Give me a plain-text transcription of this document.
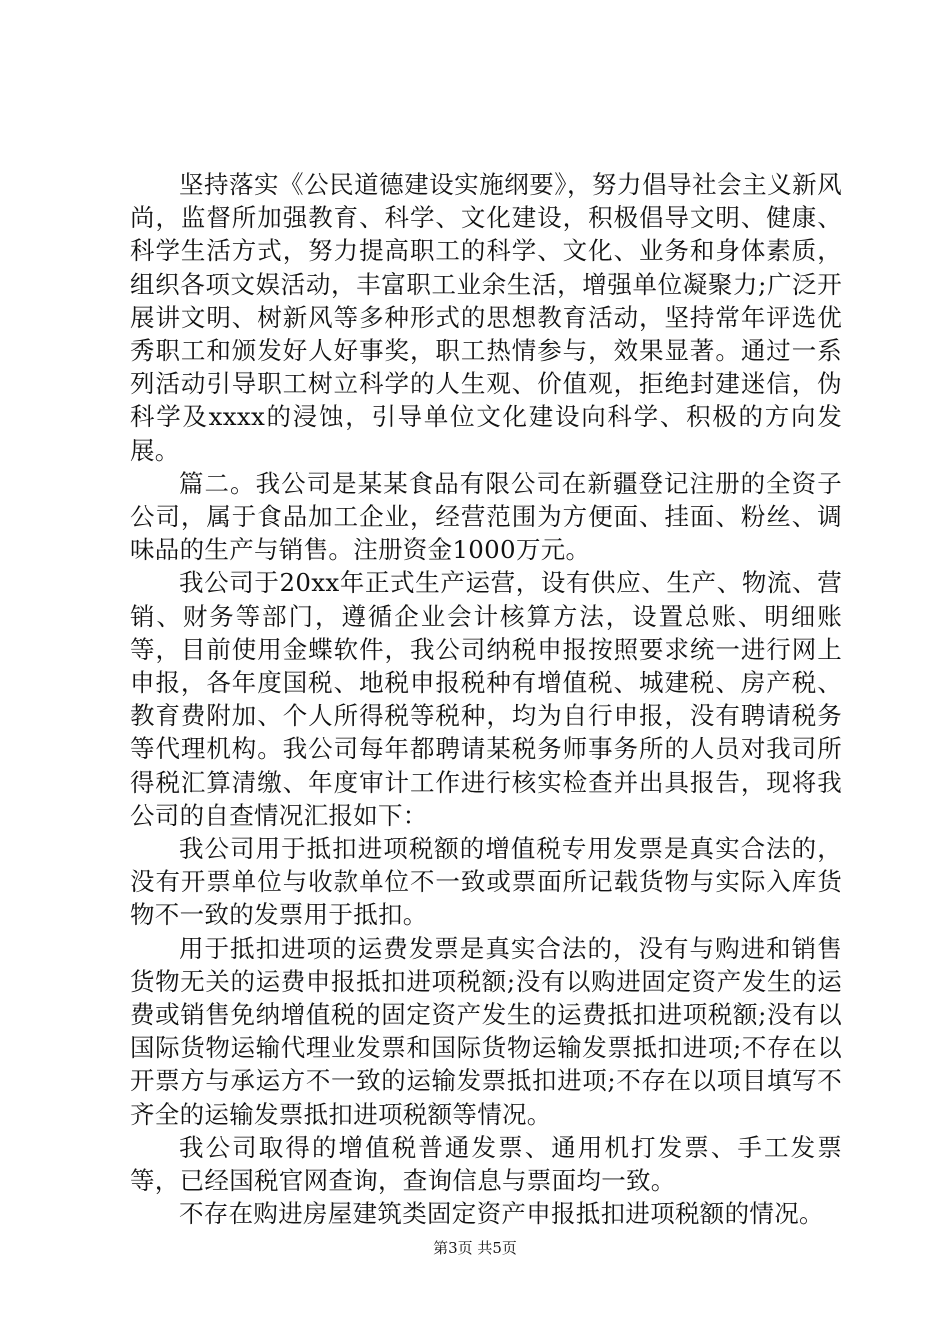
坚持落实《公民道德建设实施纲要》，努力倡导社会主义新风尚，监督所加强教育、科学、文化建设，积极倡导文明、健康、科学生活方式，努力提高职工的科学、文化、业务和身体素质，组织各项文娱活动，丰富职工业余生活，增强单位凝聚力;广泛开展讲文明、树新风等多种形式的思想教育活动，坚持常年评选优秀职工和颁发好人好事奖，职工热情参与，效果显著。通过一系列活动引导职工树立科学的人生观、价值观，拒绝封建迷信，伪科学及xxxx的浸蚀，引导单位文化建设向科学、积极的方向发展。

篇二。我公司是某某食品有限公司在新疆登记注册的全资子公司，属于食品加工企业，经营范围为方便面、挂面、粉丝、调味品的生产与销售。注册资金1000万元。

我公司于20xx年正式生产运营，设有供应、生产、物流、营销、财务等部门，遵循企业会计核算方法，设置总账、明细账等，目前使用金蝶软件，我公司纳税申报按照要求统一进行网上申报，各年度国税、地税申报税种有增值税、城建税、房产税、教育费附加、个人所得税等税种，均为自行申报，没有聘请税务等代理机构。我公司每年都聘请某税务师事务所的人员对我司所得税汇算清缴、年度审计工作进行核实检查并出具报告，现将我公司的自查情况汇报如下：

我公司用于抵扣进项税额的增值税专用发票是真实合法的，没有开票单位与收款单位不一致或票面所记载货物与实际入库货物不一致的发票用于抵扣。

用于抵扣进项的运费发票是真实合法的，没有与购进和销售货物无关的运费申报抵扣进项税额;没有以购进固定资产发生的运费或销售免纳增值税的固定资产发生的运费抵扣进项税额;没有以国际货物运输代理业发票和国际货物运输发票抵扣进项;不存在以开票方与承运方不一致的运输发票抵扣进项;不存在以项目填写不齐全的运输发票抵扣进项税额等情况。

我公司取得的增值税普通发票、通用机打发票、手工发票等，已经国税官网查询，查询信息与票面均一致。

不存在购进房屋建筑类固定资产申报抵扣进项税额的情况。

第3页 共5页
